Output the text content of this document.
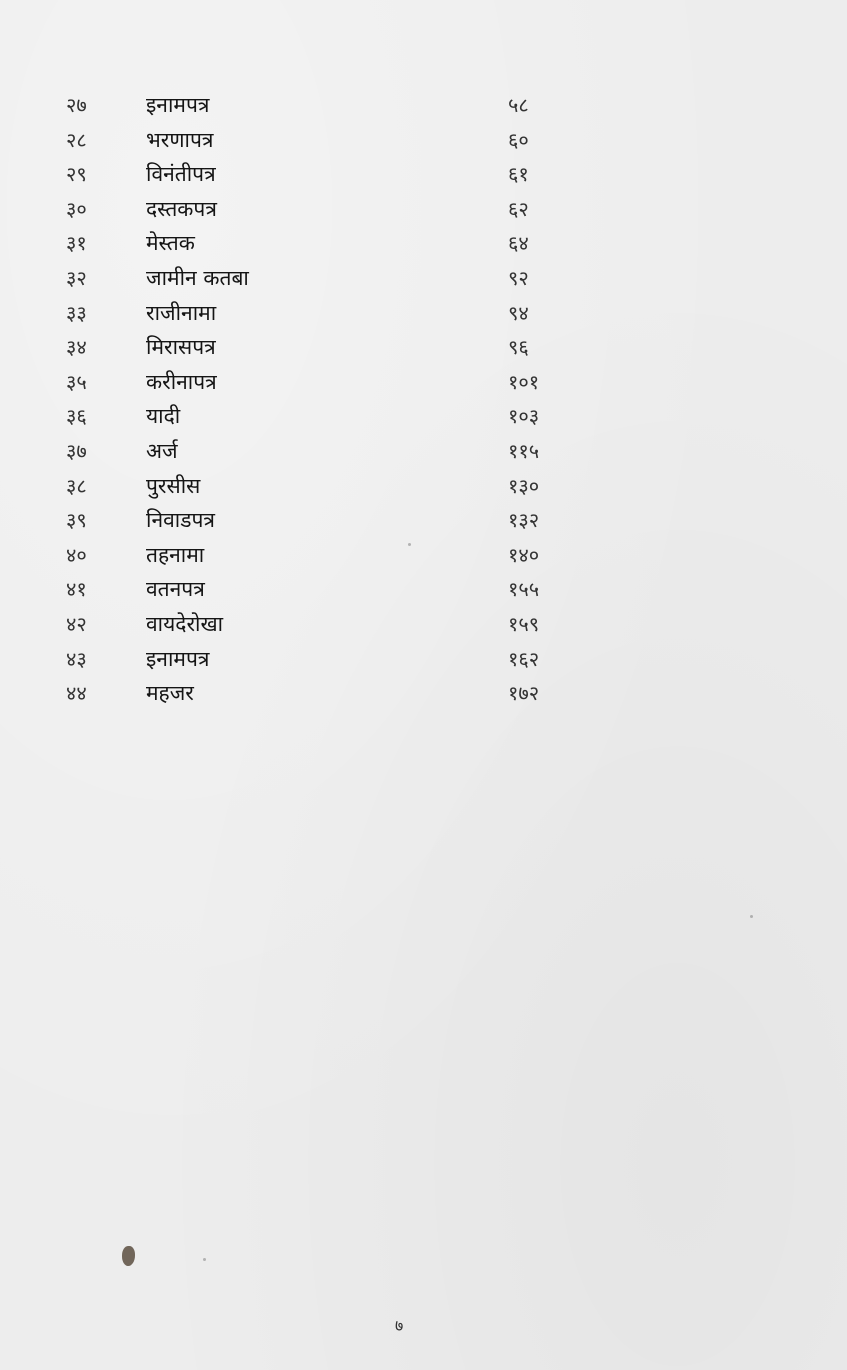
२७	इनामपत्र	५८
२८	भरणापत्र	६०
२९	विनंतीपत्र	६१
३०	दस्तकपत्र	६२
३१	मेस्तक	६४
३२	जामीन कतबा	९२
३३	राजीनामा	९४
३४	मिरासपत्र	९६
३५	करीनापत्र	१०१
३६	यादी	१०३
३७	अर्ज	११५
३८	पुरसीस	१३०
३९	निवाडपत्र	१३२
४०	तहनामा	१४०
४१	वतनपत्र	१५५
४२	वायदेरोखा	१५९
४३	इनामपत्र	१६२
४४	महजर	१७२
७
